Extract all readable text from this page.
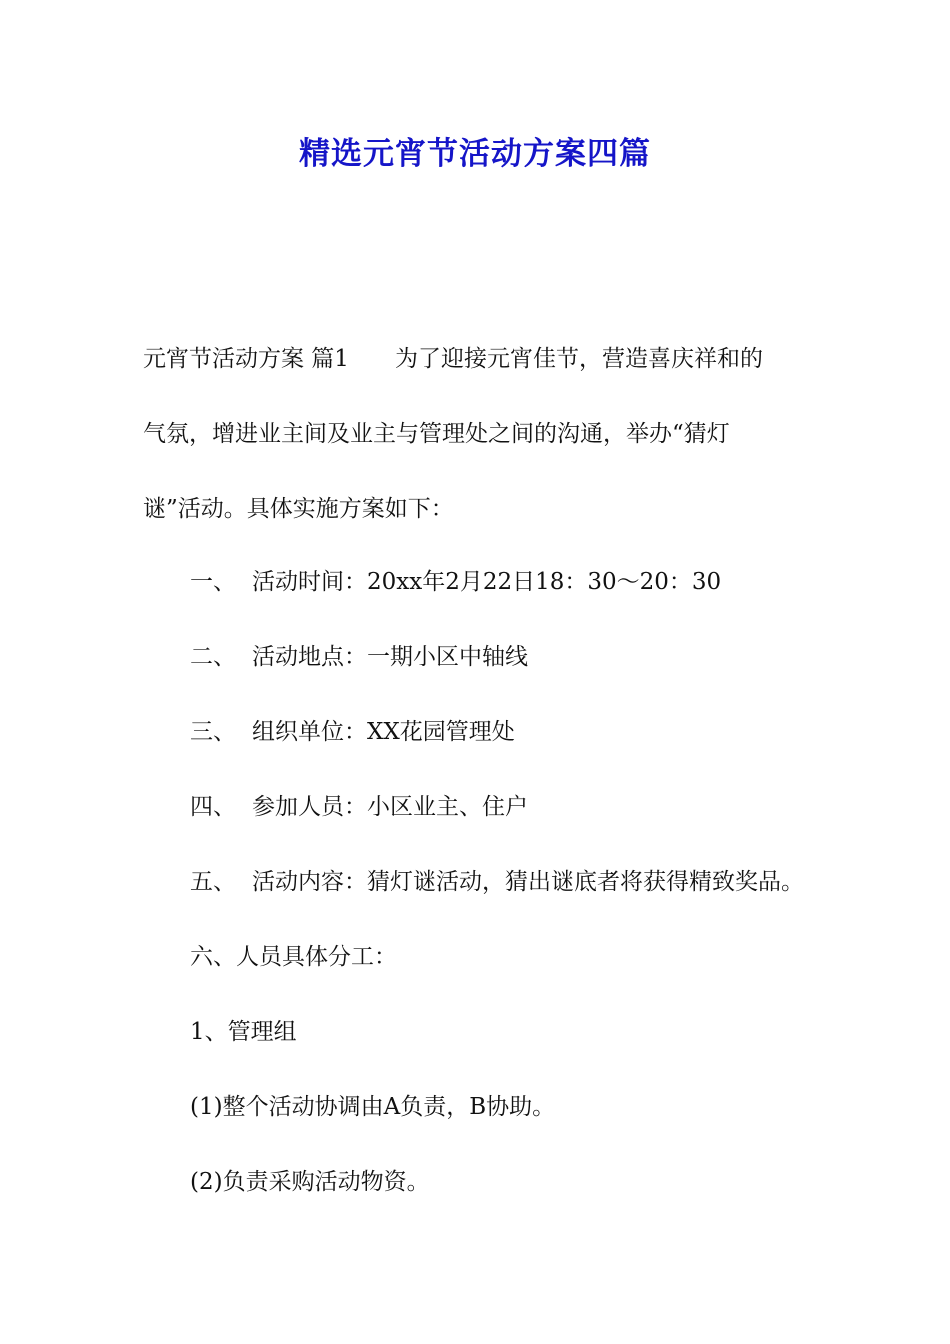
精选元宵节活动方案四篇

元宵节活动方案 篇1 为了迎接元宵佳节，营造喜庆祥和的

气氛，增进业主间及业主与管理处之间的沟通，举办“猜灯

谜”活动。具体实施方案如下：

一、 活动时间：20xx年2月22日18：30～20：30

二、 活动地点：一期小区中轴线

三、 组织单位：XX花园管理处

四、 参加人员：小区业主、住户

五、 活动内容：猜灯谜活动，猜出谜底者将获得精致奖品。

六、人员具体分工：

1、管理组

(1)整个活动协调由A负责，B协助。

(2)负责采购活动物资。
